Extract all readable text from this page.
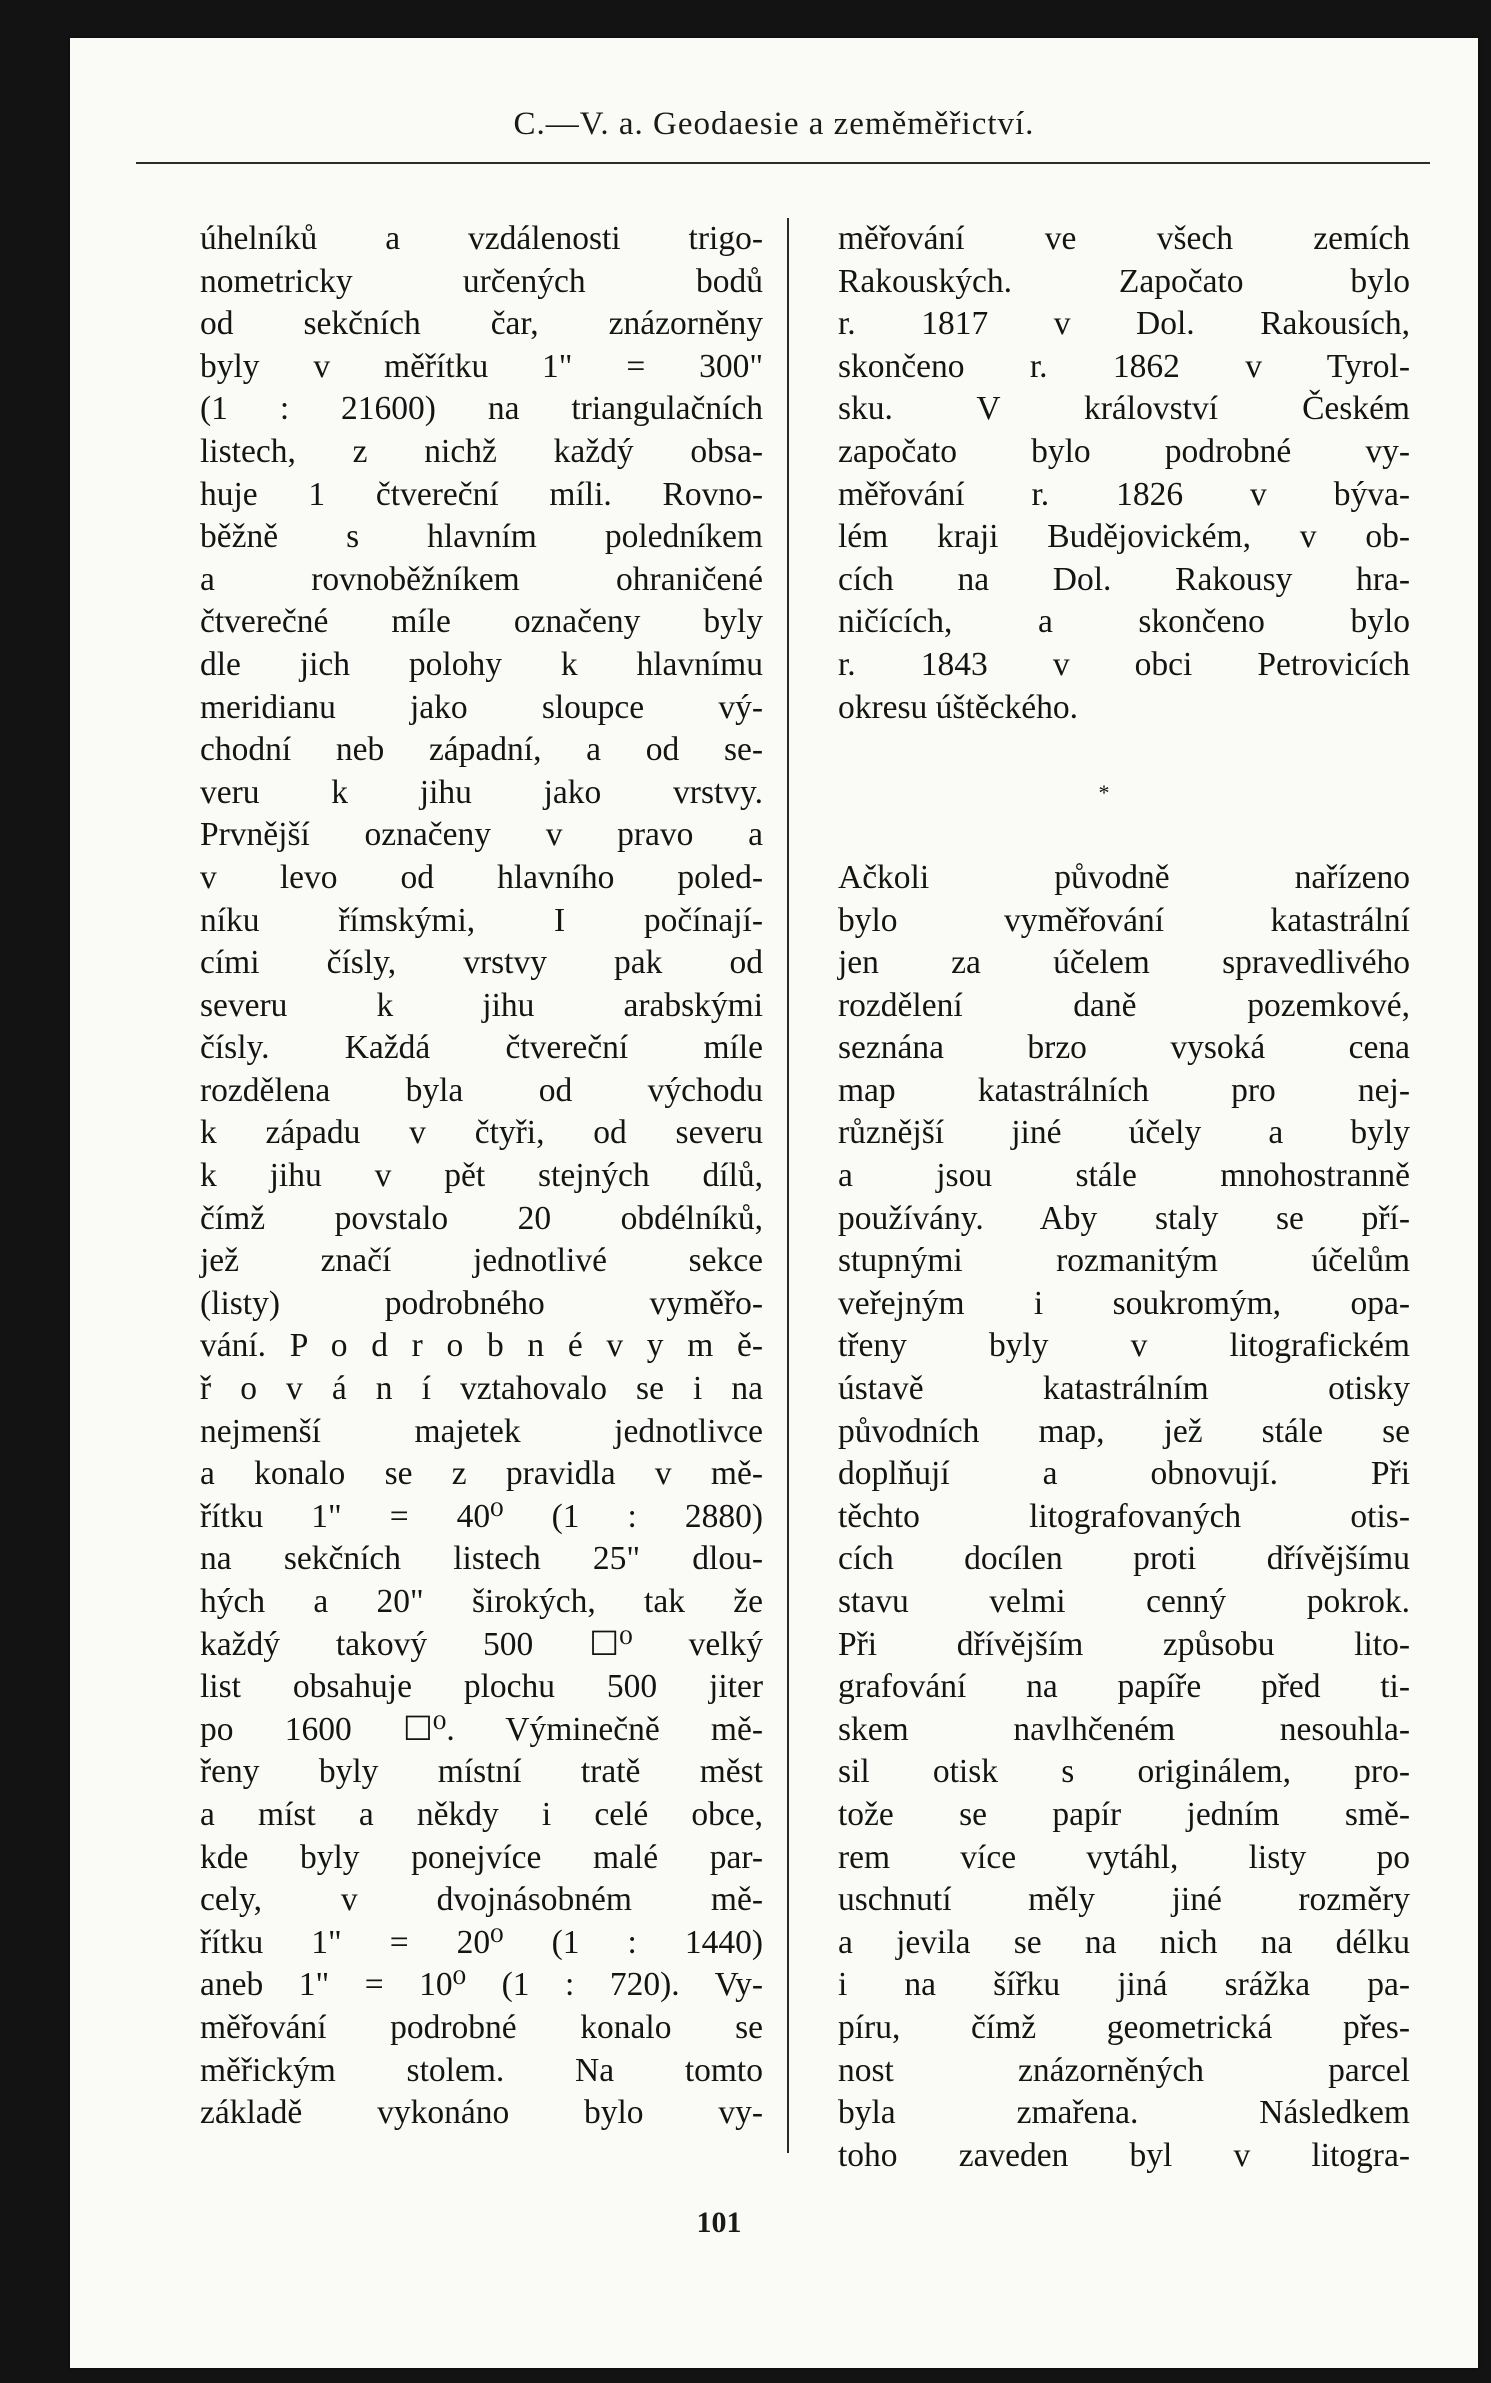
C.—V. a. Geodaesie a zeměměřictví.
úhelníků a vzdálenosti trigo-
nometricky určených bodů
od sekčních čar, znázorněny
byly v měřítku 1" = 300"
(1 : 21600) na triangulačních
listech, z nichž každý obsa-
huje 1 čtvereční míli. Rovno-
běžně s hlavním poledníkem
a rovnoběžníkem ohraničené
čtverečné míle označeny byly
dle jich polohy k hlavnímu
meridianu jako sloupce vý-
chodní neb západní, a od se-
veru k jihu jako vrstvy.
Prvnější označeny v pravo a
v levo od hlavního poled-
níku římskými, I počínají-
cími čísly, vrstvy pak od
severu k jihu arabskými
čísly. Každá čtvereční míle
rozdělena byla od východu
k západu v čtyři, od severu
k jihu v pět stejných dílů,
čímž povstalo 20 obdélníků,
jež značí jednotlivé sekce
(listy) podrobného vyměřo-
vání. P o d r o b n é v y m ě-
ř o v á n í vztahovalo se i na
nejmenší majetek jednotlivce
a konalo se z pravidla v mě-
řítku 1" = 40⁰ (1 : 2880)
na sekčních listech 25" dlou-
hých a 20" širokých, tak že
každý takový 500 ☐⁰ velký
list obsahuje plochu 500 jiter
po 1600 ☐⁰. Výminečně mě-
řeny byly místní tratě měst
a míst a někdy i celé obce,
kde byly ponejvíce malé par-
cely, v dvojnásobném mě-
řítku 1" = 20⁰ (1 : 1440)
aneb 1" = 10⁰ (1 : 720). Vy-
měřování podrobné konalo se
měřickým stolem. Na tomto
základě vykonáno bylo vy-
měřování ve všech zemích
Rakouských. Započato bylo
r. 1817 v Dol. Rakousích,
skončeno r. 1862 v Tyrol-
sku. V království Českém
započato bylo podrobné vy-
měřování r. 1826 v býva-
lém kraji Budějovickém, v ob-
cích na Dol. Rakousy hra-
ničících, a skončeno bylo
r. 1843 v obci Petrovicích
okresu úštěckého.
*
Ačkoli původně nařízeno
bylo vyměřování katastrální
jen za účelem spravedlivého
rozdělení daně pozemkové,
seznána brzo vysoká cena
map katastrálních pro nej-
různější jiné účely a byly
a jsou stále mnohostranně
používány. Aby staly se pří-
stupnými rozmanitým účelům
veřejným i soukromým, opa-
třeny byly v litografickém
ústavě katastrálním otisky
původních map, jež stále se
doplňují a obnovují. Při
těchto litografovaných otis-
cích docílen proti dřívějšímu
stavu velmi cenný pokrok.
Při dřívějším způsobu lito-
grafování na papíře před ti-
skem navlhčeném nesouhla-
sil otisk s originálem, pro-
tože se papír jedním smě-
rem více vytáhl, listy po
uschnutí měly jiné rozměry
a jevila se na nich na délku
i na šířku jiná srážka pa-
píru, čímž geometrická přes-
nost znázorněných parcel
byla zmařena. Následkem
toho zaveden byl v litogra-
101
